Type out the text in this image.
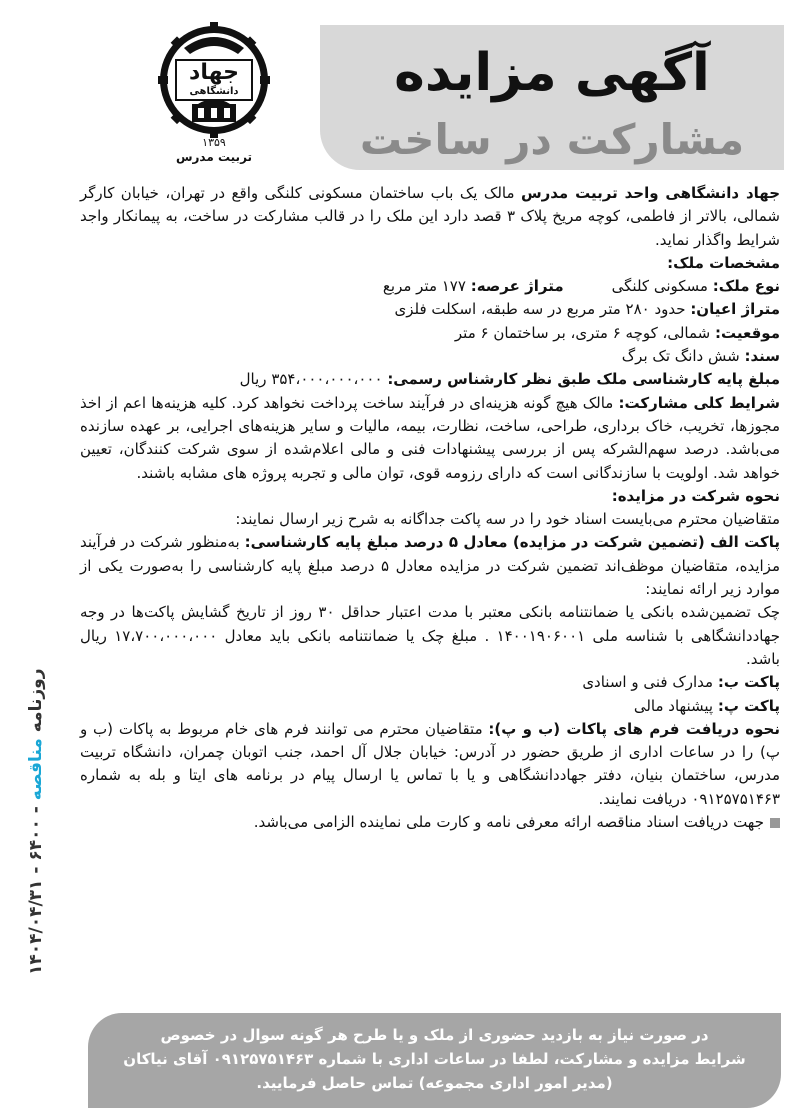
آگهی مزایده
مشارکت در ساخت
جهاد
دانشگاهی
۱۳۵۹
تربیت مدرس

جهاد دانشگاهی واحد تربیت مدرس مالک یک باب ساختمان مسکونی کلنگی واقع در تهران، خیابان کارگر شمالی، بالاتر از فاطمی، کوچه مریخ پلاک ۳ قصد دارد این ملک را در قالب مشارکت در ساخت، به پیمانکار واجد شرایط واگذار نماید.

مشخصات ملک:

نوع ملک: مسکونی کلنگیمتراژ عرصه: ۱۷۷ متر مربع

متراژ اعیان: حدود ۲۸۰ متر مربع در سه طبقه، اسکلت فلزی

موقعیت: شمالی، کوچه ۶ متری، بر ساختمان ۶ متر

سند: شش دانگ تک برگ

مبلغ پایه کارشناسی ملک طبق نظر کارشناس رسمی: ۳۵۴،۰۰۰،۰۰۰،۰۰۰ ریال

شرایط کلی مشارکت: مالک هیچ گونه هزینه‌ای در فرآیند ساخت پرداخت نخواهد کرد. کلیه هزینه‌ها اعم از اخذ مجوزها، تخریب، خاک برداری، طراحی، ساخت، نظارت، بیمه، مالیات و سایر هزینه‌های اجرایی، بر عهده سازنده می‌باشد. درصد سهم‌الشرکه پس از بررسی پیشنهادات فنی و مالی اعلام‌شده از سوی شرکت کنندگان، تعیین خواهد شد. اولویت با سازندگانی است که دارای رزومه قوی، توان مالی و تجربه پروژه های مشابه باشند.

نحوه شرکت در مزایده:

متقاضیان محترم می‌بایست اسناد خود را در سه پاکت جداگانه به شرح زیر ارسال نمایند:

پاکت الف (تضمین شرکت در مزایده) معادل ۵ درصد مبلغ پایه کارشناسی: به‌منظور شرکت در فرآیند مزایده، متقاضیان موظف‌اند تضمین شرکت در مزایده معادل ۵ درصد مبلغ پایه کارشناسی را به‌صورت یکی از موارد زیر ارائه نمایند:

چک تضمین‌شده بانکی یا ضمانتنامه بانکی معتبر با مدت اعتبار حداقل ۳۰ روز از تاریخ گشایش پاکت‌ها در وجه جهاددانشگاهی با شناسه ملی ۱۴۰۰۱۹۰۶۰۰۱ . مبلغ چک یا ضمانتنامه بانکی باید معادل ۱۷،۷۰۰،۰۰۰،۰۰۰ ریال باشد.

پاکت ب: مدارک فنی و اسنادی

پاکت پ: پیشنهاد مالی

نحوه دریافت فرم های پاکات (ب و پ): متقاضیان محترم می توانند فرم های خام مربوط به پاکات (ب و پ) را در ساعات اداری از طریق حضور در آدرس: خیابان جلال آل احمد، جنب اتوبان چمران، دانشگاه تربیت مدرس، ساختمان بنیان، دفتر جهاددانشگاهی و یا با تماس یا ارسال پیام در برنامه های ایتا و بله به شماره ۰۹۱۲۵۷۵۱۴۶۳ دریافت نمایند.

جهت دریافت اسناد مناقصه ارائه معرفی نامه و کارت ملی نماینده الزامی می‌باشد.

در صورت نیاز به بازدید حضوری از ملک و یا طرح هر گونه سوال در خصوص

شرایط مزایده و مشارکت، لطفا در ساعات اداری با شماره ۰۹۱۲۵۷۵۱۴۶۳ آقای نیاکان

(مدیر امور اداری مجموعه) تماس حاصل فرمایید.

روزنامه مناقصه - ۶۴۰۰ - ۱۴۰۴/۰۴/۳۱
